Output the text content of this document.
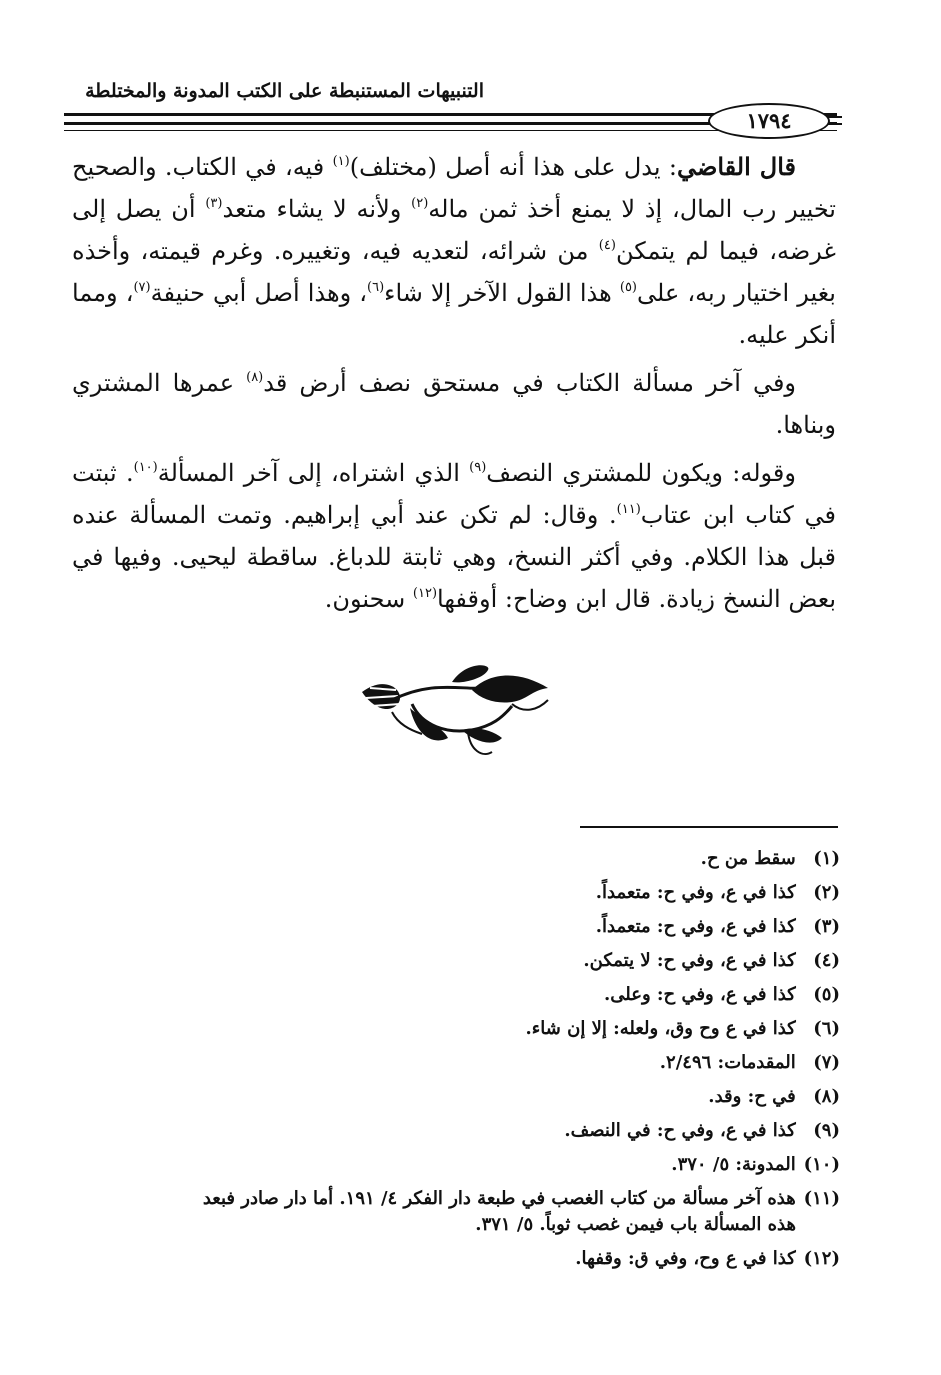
التنبيهات المستنبطة على الكتب المدونة والمختلطة
١٧٩٤

قال القاضي: يدل على هذا أنه أصل (مختلف)$^{(١)}$ فيه، في الكتاب. والصحيح تخيير رب المال، إذ لا يمنع أخذ ثمن ماله$^{(٢)}$ ولأنه لا يشاء متعد$^{(٣)}$ أن يصل إلى غرضه، فيما لم يتمكن$^{(٤)}$ من شرائه، لتعديه فيه، وتغييره. وغرم قيمته، وأخذه بغير اختيار ربه، على$^{(٥)}$ هذا القول الآخر إلا شاء$^{(٦)}$، وهذا أصل أبي حنيفة$^{(٧)}$، ومما أنكر عليه.

وفي آخر مسألة الكتاب في مستحق نصف أرض قد$^{(٨)}$ عمرها المشتري وبناها.

وقوله: ويكون للمشتري النصف$^{(٩)}$ الذي اشتراه، إلى آخر المسألة$^{(١٠)}$. ثبتت في كتاب ابن عتاب$^{(١١)}$. وقال: لم تكن عند أبي إبراهيم. وتمت المسألة عنده قبل هذا الكلام. وفي أكثر النسخ، وهي ثابتة للدباغ. ساقطة ليحيى. وفيها في بعض النسخ زيادة. قال ابن وضاح: أوقفها$^{(١٢)}$ سحنون.

(١) سقط من ح.
(٢) كذا في ع، وفي ح: متعمداً.
(٣) كذا في ع، وفي ح: متعمداً.
(٤) كذا في ع، وفي ح: لا يتمكن.
(٥) كذا في ع، وفي ح: وعلى.
(٦) كذا في ع وح وق، ولعله: إلا إن شاء.
(٧) المقدمات: ٢/٤٩٦.
(٨) في ح: وقد.
(٩) كذا في ع، وفي ح: في النصف.
(١٠) المدونة: ٥/ ٣٧٠.
(١١) هذه آخر مسألة من كتاب الغصب في طبعة دار الفكر ٤/ ١٩١. أما دار صادر فبعد
هذه المسألة باب فيمن غصب ثوباً. ٥/ ٣٧١.
(١٢) كذا في ع وح، وفي ق: وقفها.
